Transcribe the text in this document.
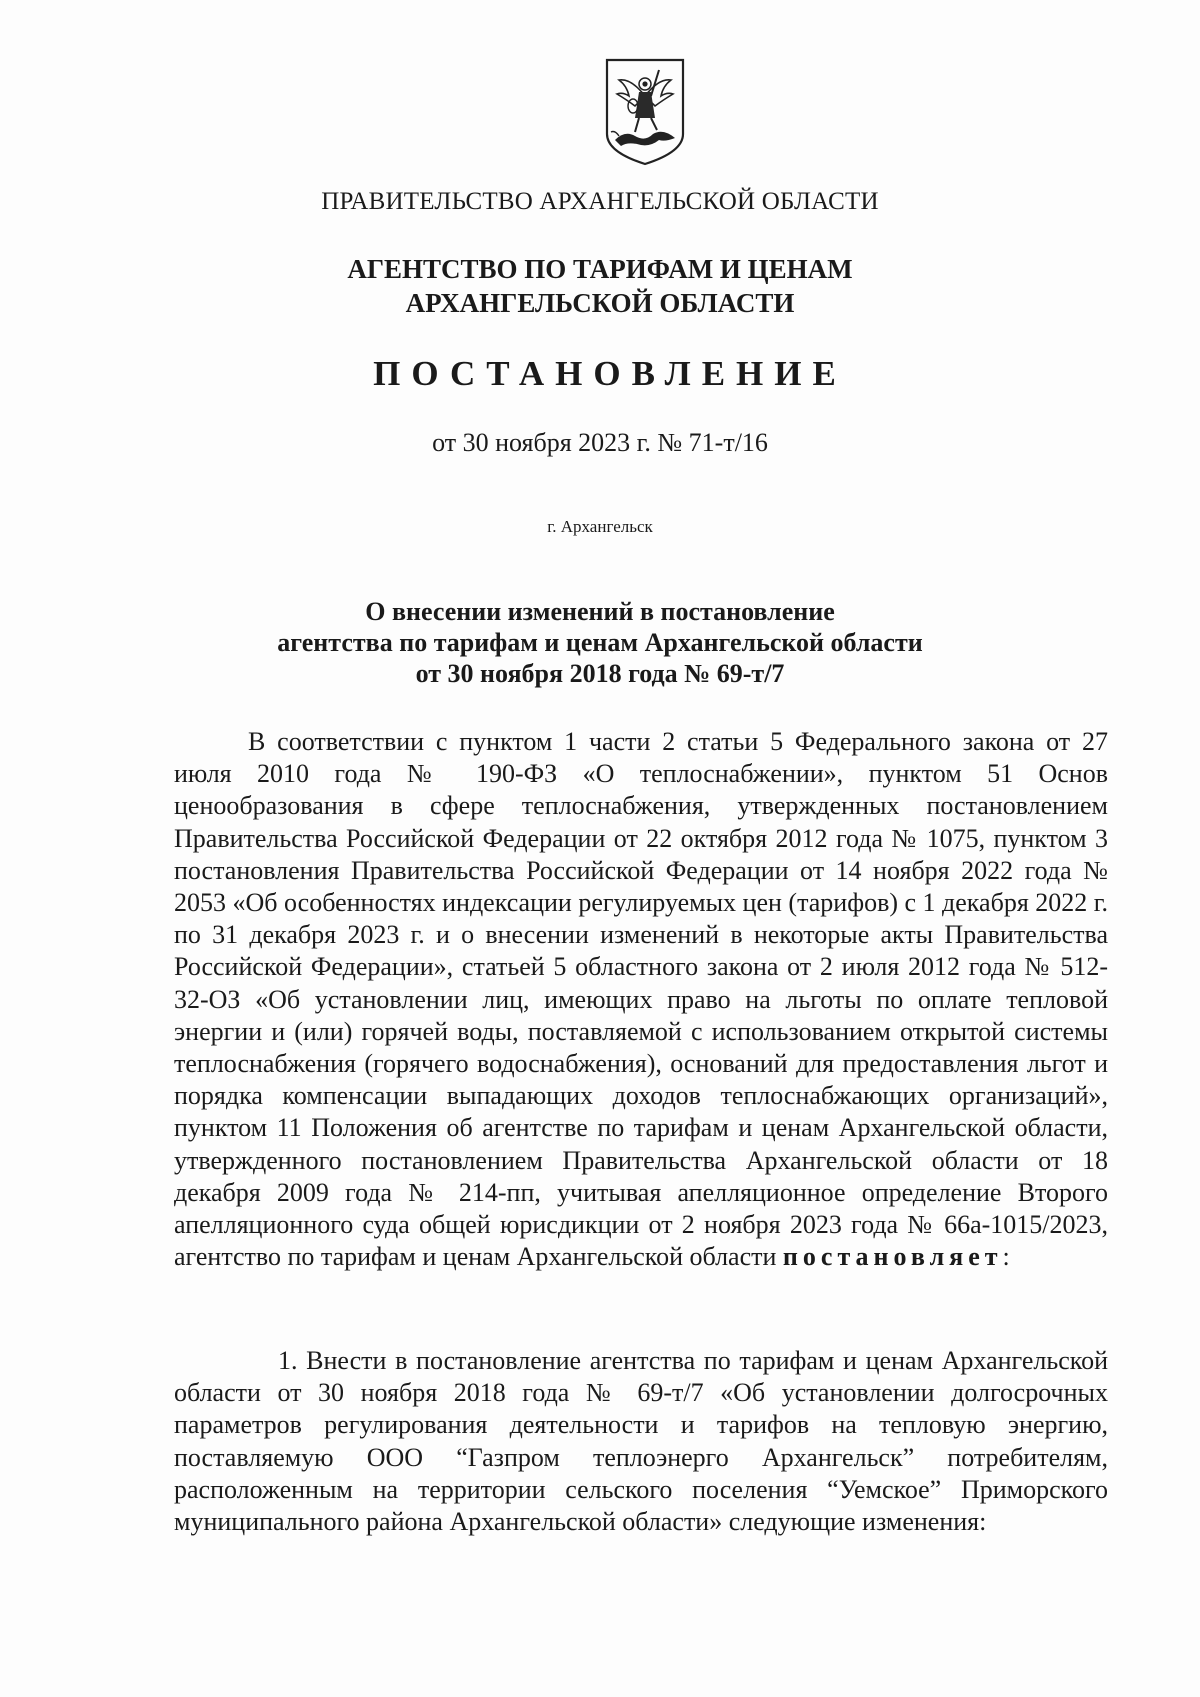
ПРАВИТЕЛЬСТВО АРХАНГЕЛЬСКОЙ ОБЛАСТИ
АГЕНТСТВО ПО ТАРИФАМ И ЦЕНАМ
АРХАНГЕЛЬСКОЙ ОБЛАСТИ
ПОСТАНОВЛЕНИЕ
от 30 ноября 2023 г. № 71-т/16
г. Архангельск
О внесении изменений в постановление
агентства по тарифам и ценам Архангельской области
от 30 ноября 2018 года № 69-т/7
В соответствии с пунктом 1 части 2 статьи 5 Федерального закона от 27 июля 2010 года № 190-ФЗ «О теплоснабжении», пунктом 51 Основ ценообразования в сфере теплоснабжения, утвержденных постановлением Правительства Российской Федерации от 22 октября 2012 года № 1075, пунктом 3 постановления Правительства Российской Федерации от 14 ноября 2022 года № 2053 «Об особенностях индексации регулируемых цен (тарифов) с 1 декабря 2022 г. по 31 декабря 2023 г. и о внесении изменений в некоторые акты Правительства Российской Федерации», статьей 5 областного закона от 2 июля 2012 года № 512-32-ОЗ «Об установлении лиц, имеющих право на льготы по оплате тепловой энергии и (или) горячей воды, поставляемой с использованием открытой системы теплоснабжения (горячего водоснабжения), оснований для предоставления льгот и порядка компенсации выпадающих доходов теплоснабжающих организаций», пунктом 11 Положения об агентстве по тарифам и ценам Архангельской области, утвержденного постановлением Правительства Архангельской области от 18 декабря 2009 года № 214-пп, учитывая апелляционное определение Второго апелляционного суда общей юрисдикции от 2 ноября 2023 года № 66а-1015/2023, агентство по тарифам и ценам Архангельской области постановляет:
1. Внести в постановление агентства по тарифам и ценам Архангельской области от 30 ноября 2018 года № 69-т/7 «Об установлении долгосрочных параметров регулирования деятельности и тарифов на тепловую энергию, поставляемую ООО “Газпром теплоэнерго Архангельск” потребителям, расположенным на территории сельского поселения “Уемское” Приморского муниципального района Архангельской области» следующие изменения:
